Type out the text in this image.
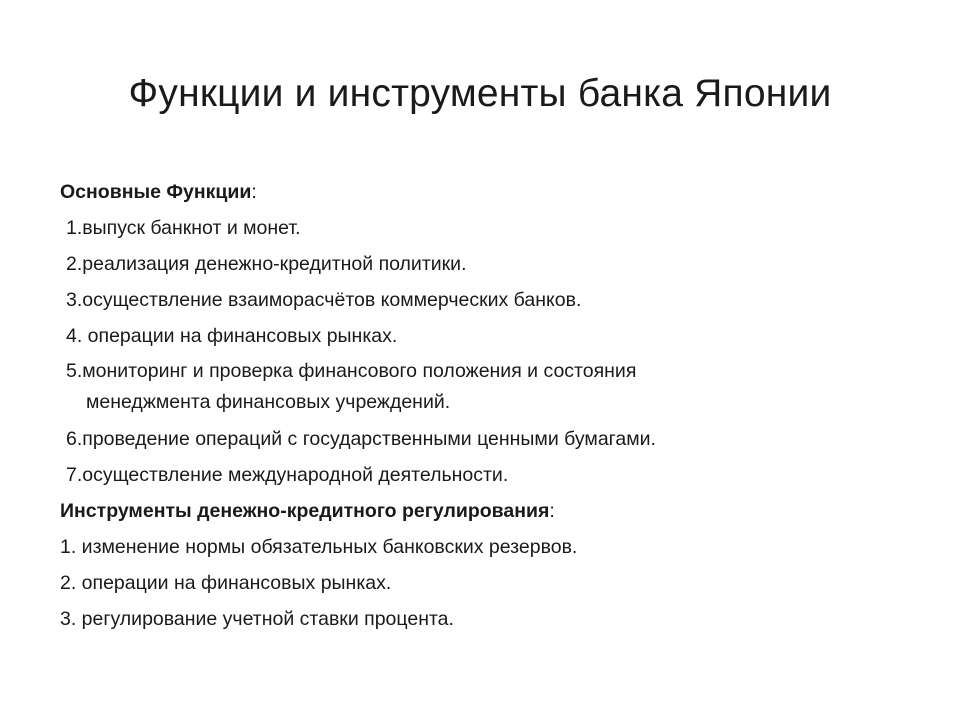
Функции и инструменты банка Японии

Основные Функции:

1.выпуск банкнот и монет.
2.реализация денежно-кредитной политики.
3.осуществление взаиморасчётов коммерческих банков.
4. операции на финансовых рынках.
5.мониторинг и проверка финансового положения и состояния
менеджмента финансовых учреждений.
6.проведение операций с государственными ценными бумагами.
7.осуществление международной деятельности.

Инструменты денежно-кредитного регулирования:

1. изменение нормы обязательных банковских резервов.
2. операции на финансовых рынках.
3. регулирование учетной ставки процента.
